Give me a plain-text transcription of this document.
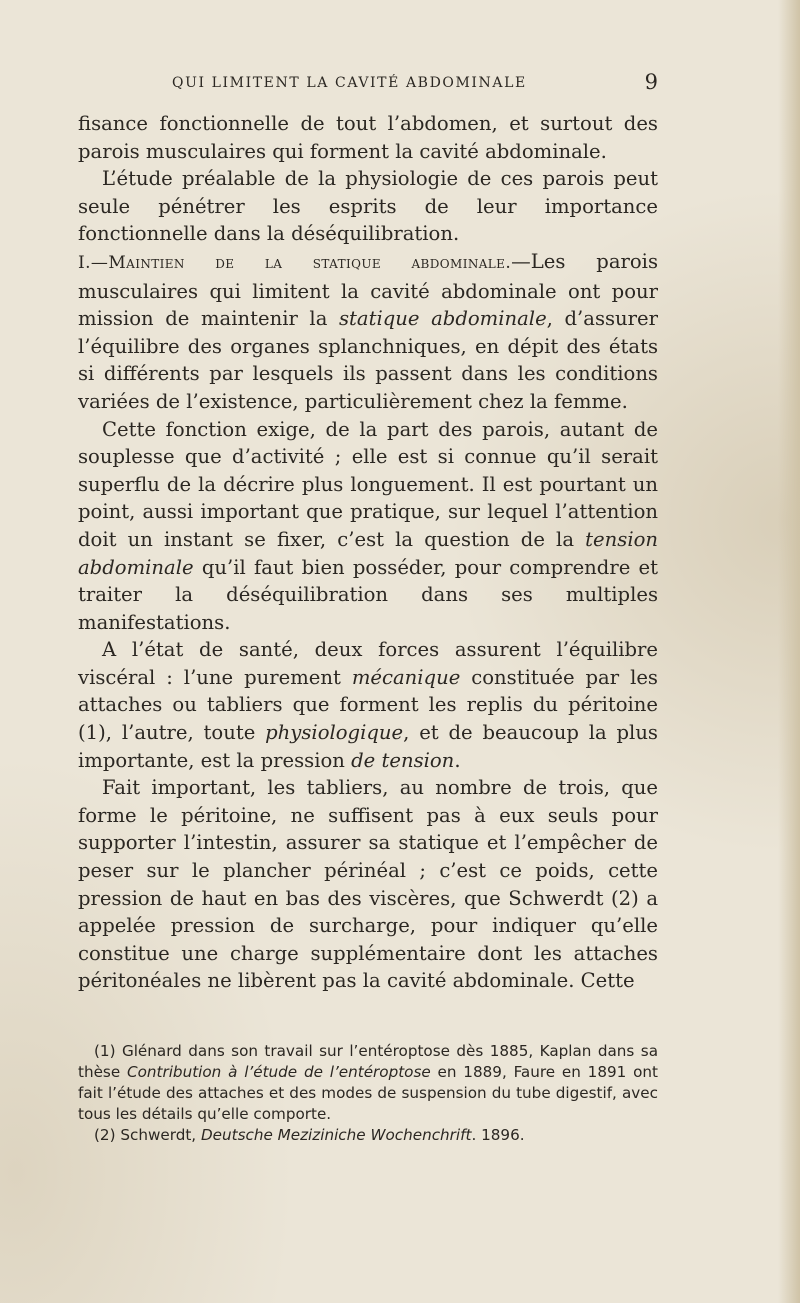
QUI LIMITENT LA CAVITÉ ABDOMINALE	9

fisance fonctionnelle de tout l’abdomen, et surtout des parois musculaires qui forment la cavité abdominale.

L’étude préalable de la physiologie de ces parois peut seule pénétrer les esprits de leur importance fonctionnelle dans la déséquilibration.

I.—Maintien de la statique abdominale.—Les parois musculaires qui limitent la cavité abdominale ont pour mission de maintenir la statique abdominale, d’assurer l’équilibre des organes splanchniques, en dépit des états si différents par lesquels ils passent dans les conditions variées de l’existence, particulièrement chez la femme.

Cette fonction exige, de la part des parois, autant de souplesse que d’activité ; elle est si connue qu’il serait superflu de la décrire plus longuement. Il est pourtant un point, aussi important que pratique, sur lequel l’attention doit un instant se fixer, c’est la question de la tension abdominale qu’il faut bien posséder, pour comprendre et traiter la déséquilibration dans ses multiples manifestations.

A l’état de santé, deux forces assurent l’équilibre viscéral : l’une purement mécanique constituée par les attaches ou tabliers que forment les replis du péritoine (1), l’autre, toute physiologique, et de beaucoup la plus importante, est la pression de tension.

Fait important, les tabliers, au nombre de trois, que forme le péritoine, ne suffisent pas à eux seuls pour supporter l’intestin, assurer sa statique et l’empêcher de peser sur le plancher périnéal ; c’est ce poids, cette pression de haut en bas des viscères, que Schwerdt (2) a appelée pression de surcharge, pour indiquer qu’elle constitue une charge supplémentaire dont les attaches péritonéales ne libèrent pas la cavité abdominale. Cette

(1) Glénard dans son travail sur l’entéroptose dès 1885, Kaplan dans sa thèse Contribution à l’étude de l’entéroptose en 1889, Faure en 1891 ont fait l’étude des attaches et des modes de suspension du tube digestif, avec tous les détails qu’elle comporte.

(2) Schwerdt, Deutsche Meziziniche Wochenchrift. 1896.
